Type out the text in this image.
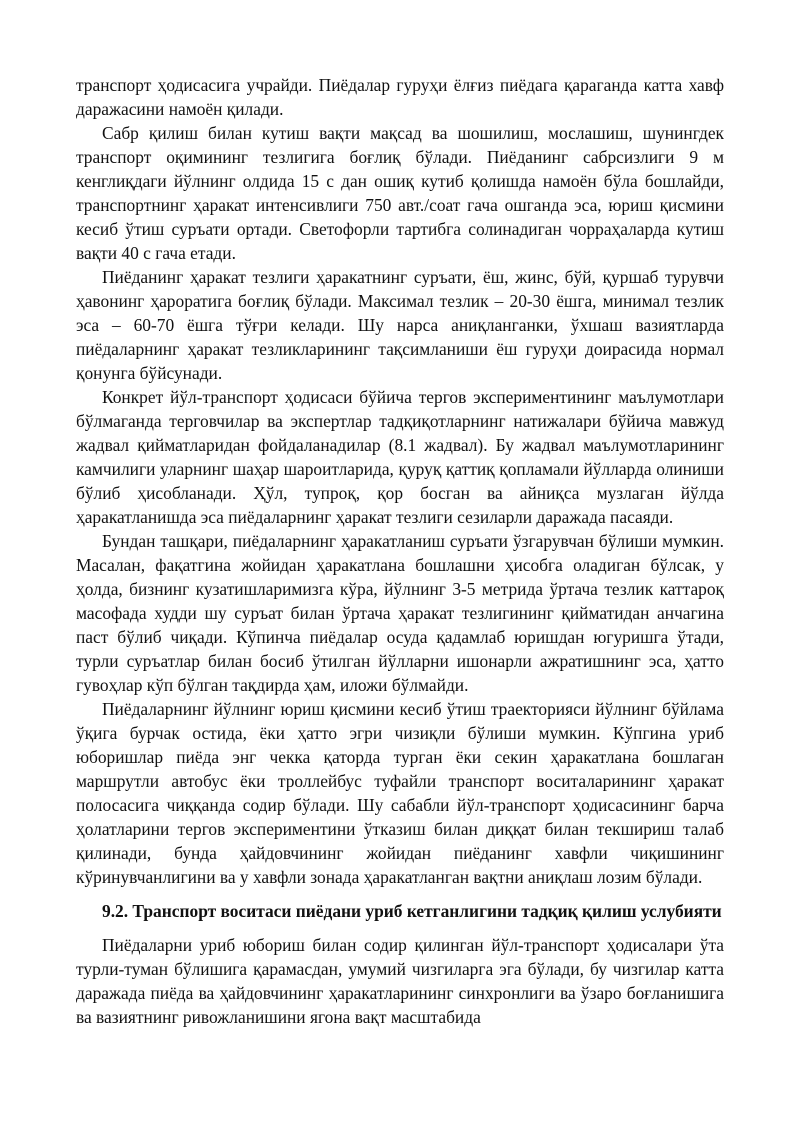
транспорт ҳодисасига учрайди. Пиёдалар гуруҳи ёлғиз пиёдага қараганда катта хавф даражасини намоён қилади.

Сабр қилиш билан кутиш вақти мақсад ва шошилиш, мослашиш, шунингдек транспорт оқимининг тезлигига боғлиқ бўлади. Пиёданинг сабрсизлиги 9 м кенглиқдаги йўлнинг олдида 15 с дан ошиқ кутиб қолишда намоён бўла бошлайди, транспортнинг ҳаракат интенсивлиги 750 авт./соат гача ошганда эса, юриш қисмини кесиб ўтиш суръати ортади. Светофорли тартибга солинадиган чорраҳаларда кутиш вақти 40 с гача етади.

Пиёданинг ҳаракат тезлиги ҳаракатнинг суръати, ёш, жинс, бўй, қуршаб турувчи ҳавонинг ҳароратига боғлиқ бўлади. Максимал тезлик – 20-30 ёшга, минимал тезлик эса – 60-70 ёшга тўғри келади. Шу нарса аниқланганки, ўхшаш вазиятларда пиёдаларнинг ҳаракат тезликларининг тақсимланиши ёш гуруҳи доирасида нормал қонунга бўйсунади.

Конкрет йўл-транспорт ҳодисаси бўйича тергов экспериментининг маълумотлари бўлмаганда терговчилар ва экспертлар тадқиқотларнинг натижалари бўйича мавжуд жадвал қийматларидан фойдаланадилар (8.1 жадвал). Бу жадвал маълумотларининг камчилиги уларнинг шаҳар шароитларида, қуруқ қаттиқ қопламали йўлларда олиниши бўлиб ҳисобланади. Ҳўл, тупроқ, қор босган ва айниқса музлаган йўлда ҳаракатланишда эса пиёдаларнинг ҳаракат тезлиги сезиларли даражада пасаяди.

Бундан ташқари, пиёдаларнинг ҳаракатланиш суръати ўзгарувчан бўлиши мумкин. Масалан, фақатгина жойидан ҳаракатлана бошлашни ҳисобга оладиган бўлсак, у ҳолда, бизнинг кузатишларимизга кўра, йўлнинг 3-5 метрида ўртача тезлик каттароқ масофада худди шу суръат билан ўртача ҳаракат тезлигининг қийматидан анчагина паст бўлиб чиқади. Кўпинча пиёдалар осуда қадамлаб юришдан югуришга ўтади, турли суръатлар билан босиб ўтилган йўлларни ишонарли ажратишнинг эса, ҳатто гувоҳлар кўп бўлган тақдирда ҳам, иложи бўлмайди.

Пиёдаларнинг йўлнинг юриш қисмини кесиб ўтиш траекторияси йўлнинг бўйлама ўқига бурчак остида, ёки ҳатто эгри чизиқли бўлиши мумкин. Кўпгина уриб юборишлар пиёда энг чекка қаторда турган ёки секин ҳаракатлана бошлаган маршрутли автобус ёки троллейбус туфайли транспорт воситаларининг ҳаракат полосасига чиққанда содир бўлади. Шу сабабли йўл-транспорт ҳодисасининг барча ҳолатларини тергов экспериментини ўтказиш билан диққат билан текшириш талаб қилинади, бунда ҳайдовчининг жойидан пиёданинг хавфли чиқишининг кўринувчанлигини ва у хавфли зонада ҳаракатланган вақтни аниқлаш лозим бўлади.

9.2. Транспорт воситаси пиёдани уриб кетганлигини тадқиқ қилиш услубияти

Пиёдаларни уриб юбориш билан содир қилинган йўл-транспорт ҳодисалари ўта турли-туман бўлишига қарамасдан, умумий чизгиларга эга бўлади, бу чизгилар катта даражада пиёда ва ҳайдовчининг ҳаракатларининг синхронлиги ва ўзаро боғланишига ва вазиятнинг ривожланишини ягона вақт масштабида
